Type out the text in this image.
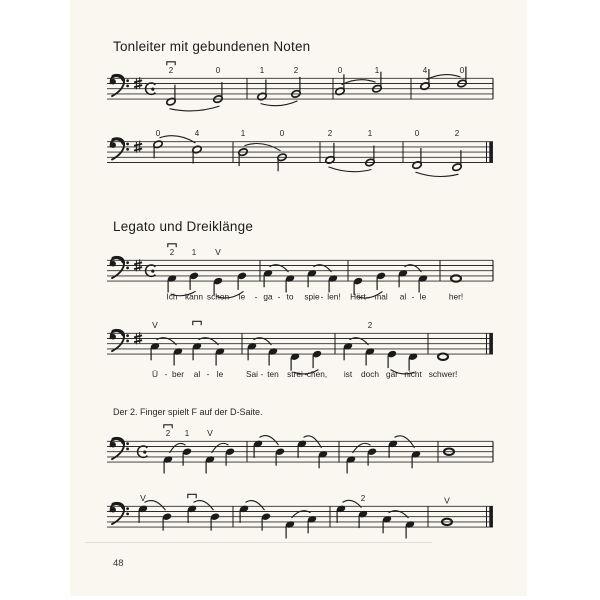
Tonleiter mit gebundenen Noten
Legato und Dreiklänge
Der 2. Finger spielt F auf der D-Saite.
2	0	1	2	0	1	4	0
0	4	1	0	2	1	0	2
2 1 V
Ich kann schon le - ga - to spie - len! Hört mal al - le	her!
V	2
Ü - ber al - le	Sai - ten strei - chen, ist doch gar nicht schwer!
2 1 V
V	2	V
48
